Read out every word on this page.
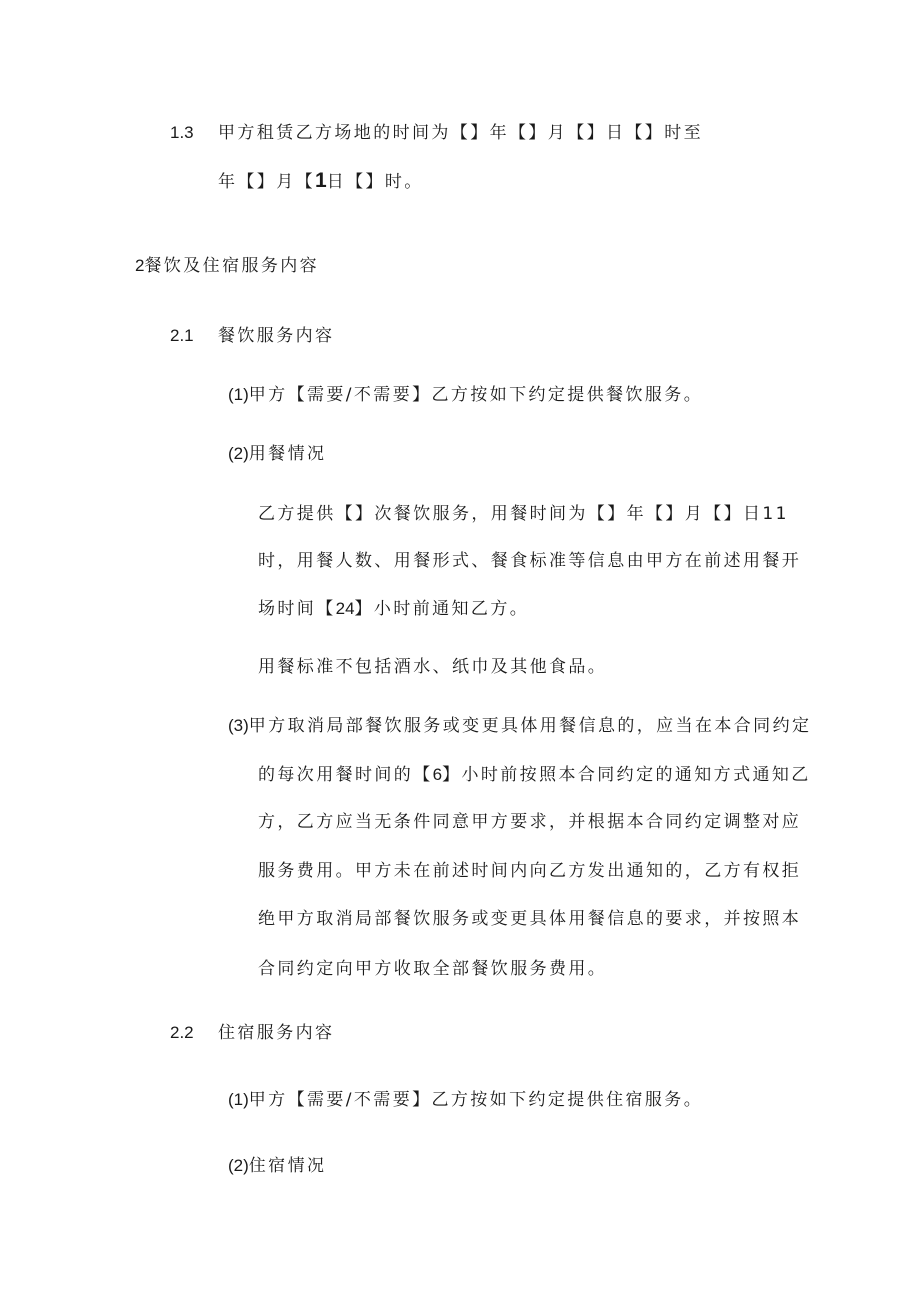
1.3 甲方租赁乙方场地的时间为【】年【】月【】日【】时至
年【】月【1日【】时。
2餐饮及住宿服务内容
2.1 餐饮服务内容
(1)甲方【需要/不需要】乙方按如下约定提供餐饮服务。
(2)用餐情况
乙方提供【】次餐饮服务，用餐时间为【】年【】月【】日11
时，用餐人数、用餐形式、餐食标准等信息由甲方在前述用餐开
场时间【24】小时前通知乙方。
用餐标准不包括酒水、纸巾及其他食品。
(3)甲方取消局部餐饮服务或变更具体用餐信息的，应当在本合同约定
的每次用餐时间的【6】小时前按照本合同约定的通知方式通知乙
方，乙方应当无条件同意甲方要求，并根据本合同约定调整对应
服务费用。甲方未在前述时间内向乙方发出通知的，乙方有权拒
绝甲方取消局部餐饮服务或变更具体用餐信息的要求，并按照本
合同约定向甲方收取全部餐饮服务费用。
2.2 住宿服务内容
(1)甲方【需要/不需要】乙方按如下约定提供住宿服务。
(2)住宿情况
